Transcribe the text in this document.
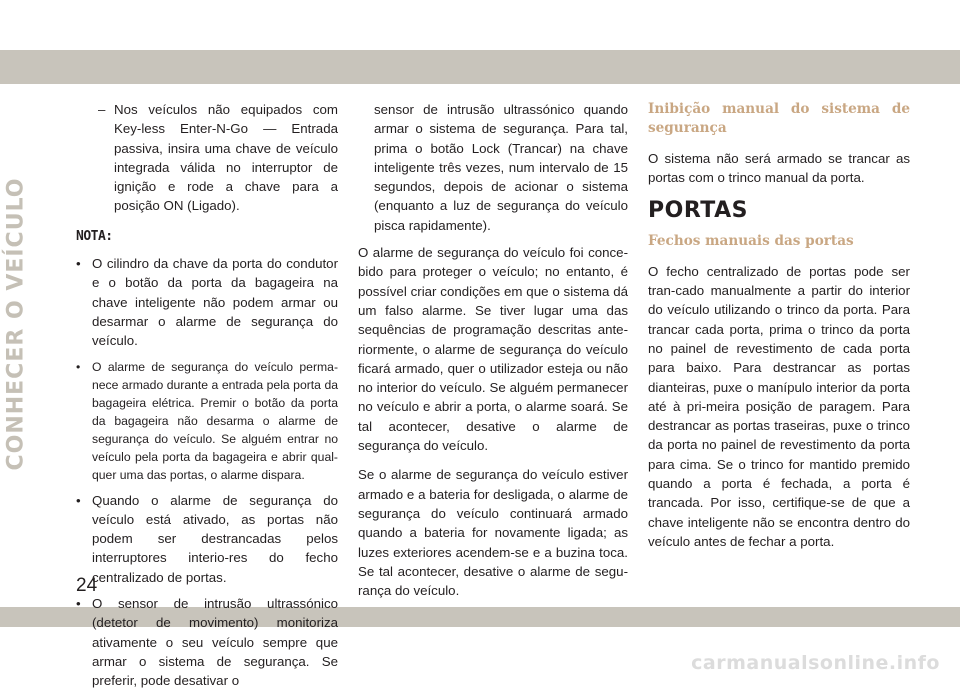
CONHECER O VEÍCULO
– Nos veículos não equipados com Key-less Enter-N-Go — Entrada passiva, insira uma chave de veículo integrada válida no interruptor de ignição e rode a chave para a posição ON (Ligado).
NOTA:
• O cilindro da chave da porta do condutor e o botão da porta da bagageira na chave inteligente não podem armar ou desarmar o alarme de segurança do veículo.
• O alarme de segurança do veículo perma-nece armado durante a entrada pela porta da bagageira elétrica. Premir o botão da porta da bagageira não desarma o alarme de segurança do veículo. Se alguém entrar no veículo pela porta da bagageira e abrir qual-quer uma das portas, o alarme dispara.
• Quando o alarme de segurança do veículo está ativado, as portas não podem ser destrancadas pelos interruptores interio-res do fecho centralizado de portas.
• O sensor de intrusão ultrassónico (detetor de movimento) monitoriza ativamente o seu veículo sempre que armar o sistema de segurança. Se preferir, pode desativar o

sensor de intrusão ultrassónico quando armar o sistema de segurança. Para tal, prima o botão Lock (Trancar) na chave inteligente três vezes, num intervalo de 15 segundos, depois de acionar o sistema (enquanto a luz de segurança do veículo pisca rapidamente).

O alarme de segurança do veículo foi conce-bido para proteger o veículo; no entanto, é possível criar condições em que o sistema dá um falso alarme. Se tiver lugar uma das sequências de programação descritas ante-riormente, o alarme de segurança do veículo ficará armado, quer o utilizador esteja ou não no interior do veículo. Se alguém permanecer no veículo e abrir a porta, o alarme soará. Se tal acontecer, desative o alarme de segurança do veículo.

Se o alarme de segurança do veículo estiver armado e a bateria for desligada, o alarme de segurança do veículo continuará armado quando a bateria for novamente ligada; as luzes exteriores acendem-se e a buzina toca. Se tal acontecer, desative o alarme de segu-rança do veículo.

Inibição manual do sistema de segurança

O sistema não será armado se trancar as portas com o trinco manual da porta.

PORTAS
Fechos manuais das portas

O fecho centralizado de portas pode ser tran-cado manualmente a partir do interior do veículo utilizando o trinco da porta. Para trancar cada porta, prima o trinco da porta no painel de revestimento de cada porta para baixo. Para destrancar as portas dianteiras, puxe o manípulo interior da porta até à pri-meira posição de paragem. Para destrancar as portas traseiras, puxe o trinco da porta no painel de revestimento da porta para cima. Se o trinco for mantido premido quando a porta é fechada, a porta é trancada. Por isso, certifique-se de que a chave inteligente não se encontra dentro do veículo antes de fechar a porta.

24
carmanualsonline.info
